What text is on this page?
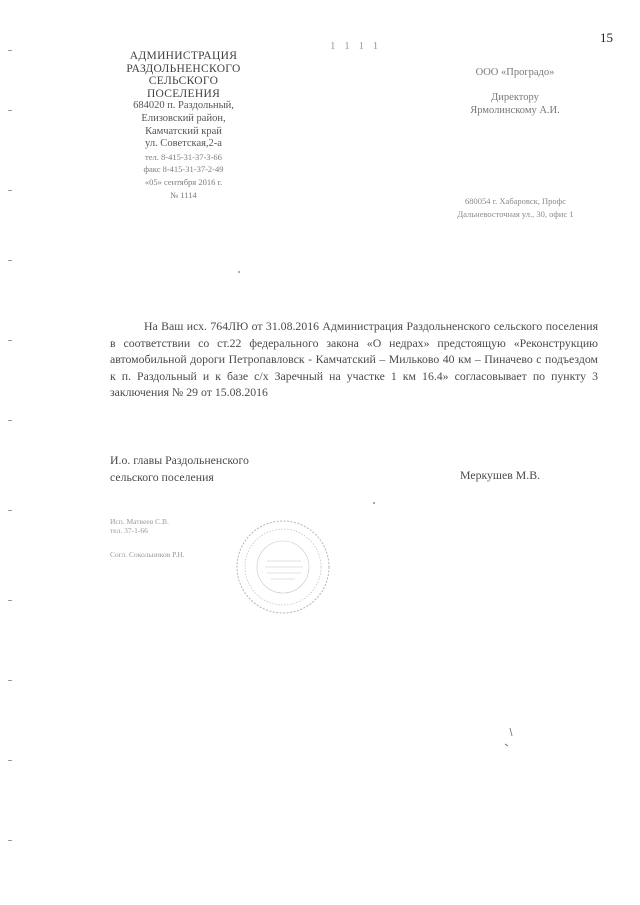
15
1 1 1 1
АДМИНИСТРАЦИЯ
РАЗДОЛЬНЕНСКОГО
СЕЛЬСКОГО
ПОСЕЛЕНИЯ
684020 п. Раздольный,
Елизовский район,
Камчатский край
ул. Советская,2-а
тел. 8-415-31-37-3-66
факс 8-415-31-37-2-49
«05» сентября 2016 г.
№ 1114
ООО «Проградо»
Директору
Ярмолинскому А.И.
680054 г. Хабаровск, Профс
Дальневосточная ул., 30, офис 1
На Ваш исх. 764ЛЮ от 31.08.2016 Администрация Раздольненского сельского поселения в соответствии со ст.22 федерального закона «О недрах» предстоящую «Реконструкцию автомобильной дороги Петропавловск - Камчатский – Мильково 40 км – Пиначево с подъездом к п. Раздольный и к базе с/х Заречный на участке 1 км 16.4» согласовывает по пункту 3 заключения № 29 от 15.08.2016
И.о. главы Раздольненского
сельского поселения	Меркушев М.В.
Исп. Матвеев С.В.
тел. 37-1-66
Согл. Сокольников Р.Н.
